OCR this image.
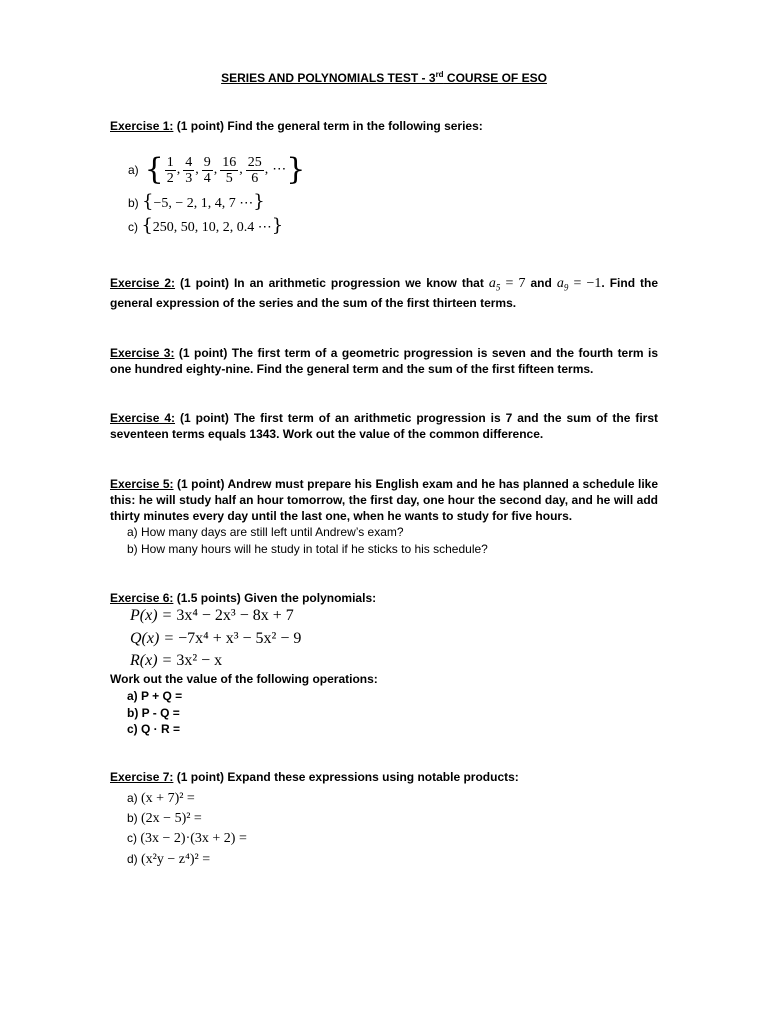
SERIES AND POLYNOMIALS TEST - 3rd COURSE OF ESO
Exercise 1: (1 point) Find the general term in the following series:
a) { $\frac{1}{2}$ , $\frac{4}{3}$ , $\frac{9}{4}$ , $\frac{16}{5}$ , $\frac{25}{6}$ , ⋯ }
b) {−5, − 2, 1, 4, 7 ⋯}
c) {250, 50, 10, 2, 0.4 ⋯}
Exercise 2: (1 point) In an arithmetic progression we know that $a_5 = 7$ and $a_9 = -1$. Find the general expression of the series and the sum of the first thirteen terms.
Exercise 3: (1 point) The first term of a geometric progression is seven and the fourth term is one hundred eighty-nine. Find the general term and the sum of the first fifteen terms.
Exercise 4: (1 point) The first term of an arithmetic progression is 7 and the sum of the first seventeen terms equals 1343. Work out the value of the common difference.
Exercise 5: (1 point) Andrew must prepare his English exam and he has planned a schedule like this: he will study half an hour tomorrow, the first day, one hour the second day, and he will add thirty minutes every day until the last one, when he wants to study for five hours.
a) How many days are still left until Andrew’s exam?
b) How many hours will he study in total if he sticks to his schedule?
Exercise 6: (1.5 points) Given the polynomials:
P(x) = 3x⁴ − 2x³ − 8x + 7
Q(x) = −7x⁴ + x³ − 5x² − 9
R(x) = 3x² − x
Work out the value of the following operations:
a) P + Q =
b) P - Q =
c) Q · R =
Exercise 7: (1 point) Expand these expressions using notable products:
a) (x + 7)² =
b) (2x − 5)² =
c) (3x − 2)·(3x + 2) =
d) (x²y − z⁴)² =
